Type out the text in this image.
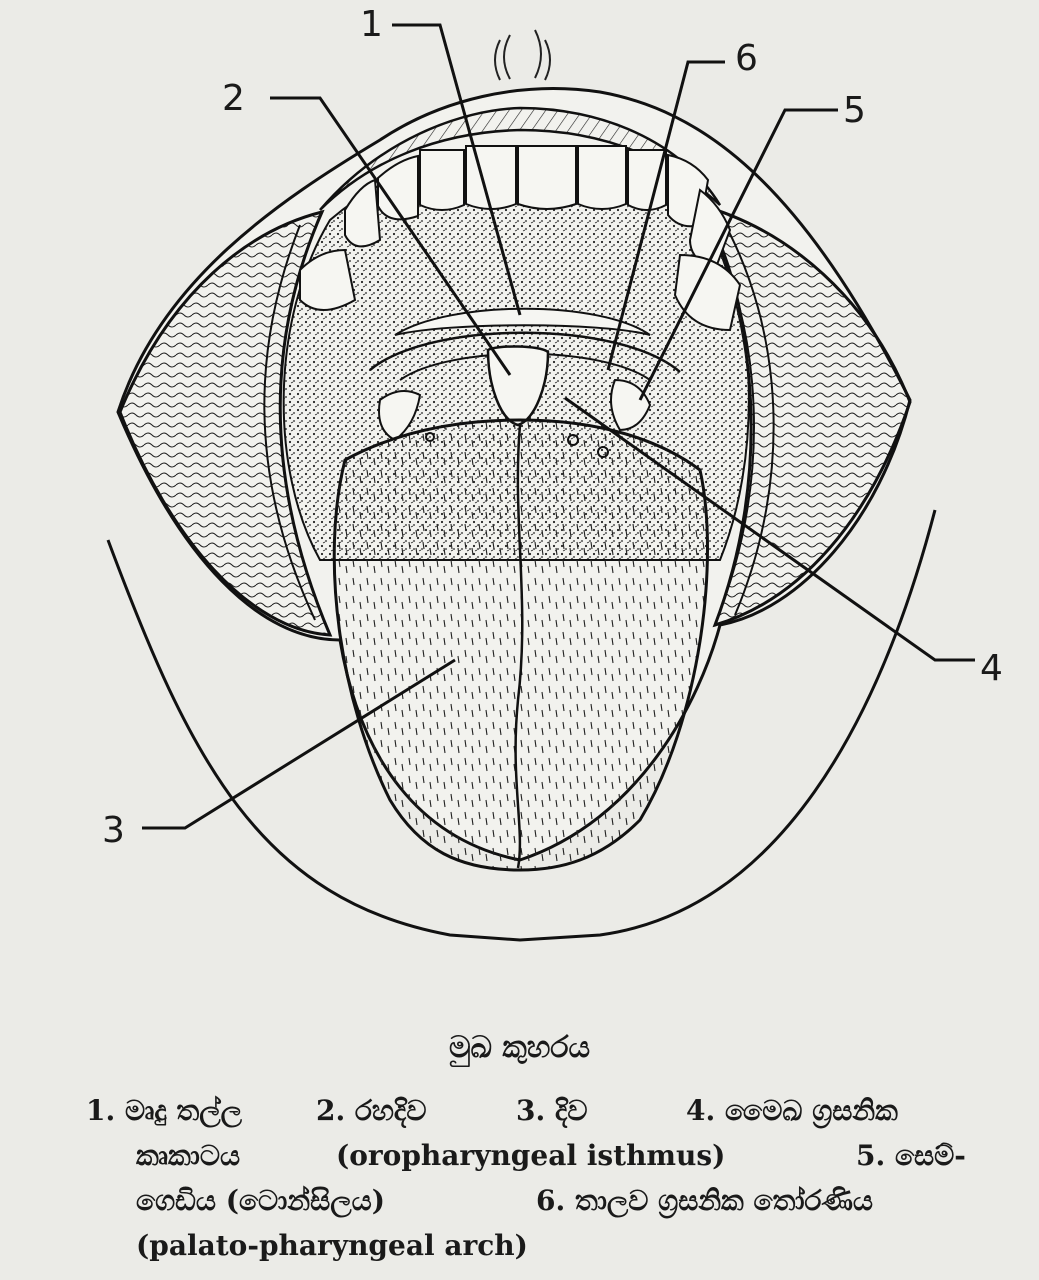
1
2
6
5
4
3
මුඛ කුහරය
1. මෘදු තල්ල	2. රහදිව	3. දිව	4. මෛඛ ග්‍රසනික
කෘකාටය	(oropharyngeal isthmus)	5. සෙම්-
ගෙඩිය (ටොන්සිලය)	6. තාලව ග්‍රසනික තෝරණිය
(palato-pharyngeal arch)
